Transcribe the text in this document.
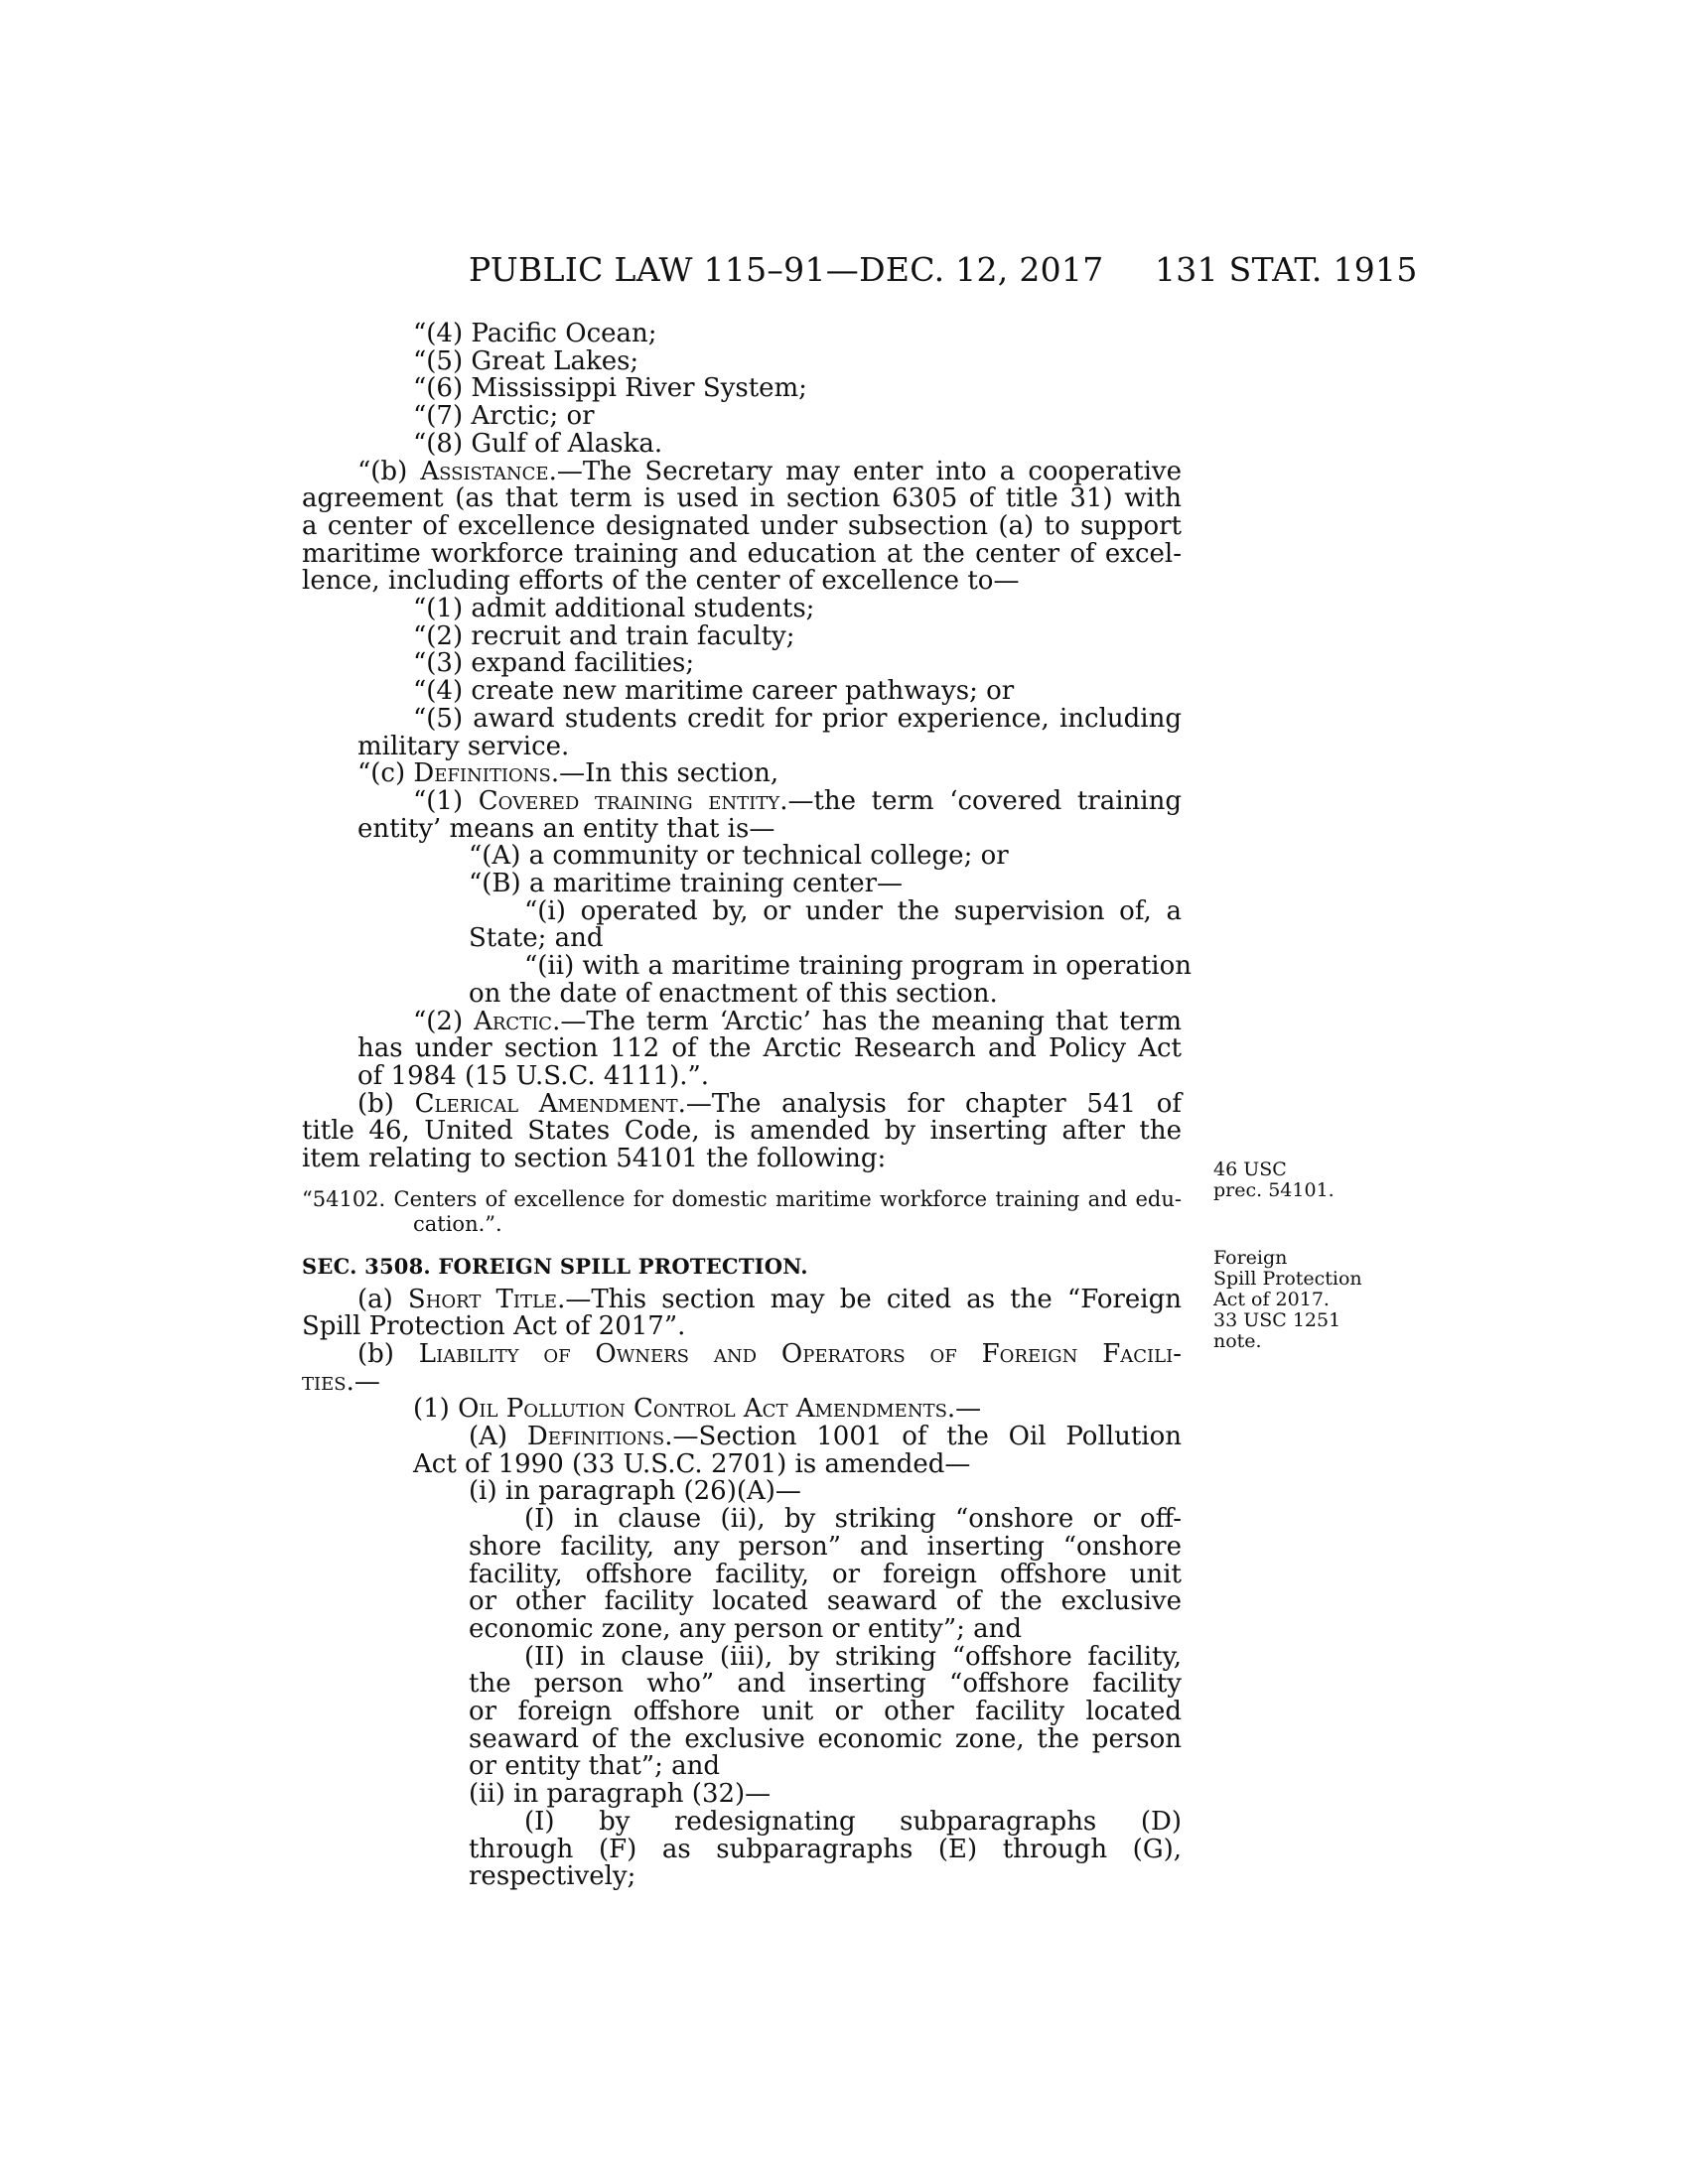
PUBLIC LAW 115–91—DEC. 12, 2017 131 STAT. 1915
“(4) Pacific Ocean;
“(5) Great Lakes;
“(6) Mississippi River System;
“(7) Arctic; or
“(8) Gulf of Alaska.
“(b) Assistance.—The Secretary may enter into a cooperative
agreement (as that term is used in section 6305 of title 31) with
a center of excellence designated under subsection (a) to support
maritime workforce training and education at the center of excel-
lence, including efforts of the center of excellence to—
“(1) admit additional students;
“(2) recruit and train faculty;
“(3) expand facilities;
“(4) create new maritime career pathways; or
“(5) award students credit for prior experience, including
military service.
“(c) Definitions.—In this section,
“(1) Covered training entity.—the term ‘covered training
entity’ means an entity that is—
“(A) a community or technical college; or
“(B) a maritime training center—
“(i) operated by, or under the supervision of, a
State; and
“(ii) with a maritime training program in operation
on the date of enactment of this section.
“(2) Arctic.—The term ‘Arctic’ has the meaning that term
has under section 112 of the Arctic Research and Policy Act
of 1984 (15 U.S.C. 4111).”.
(b) Clerical Amendment.—The analysis for chapter 541 of
title 46, United States Code, is amended by inserting after the
item relating to section 54101 the following:
“54102. Centers of excellence for domestic maritime workforce training and edu-
cation.”.
SEC. 3508. FOREIGN SPILL PROTECTION.
(a) Short Title.—This section may be cited as the “Foreign
Spill Protection Act of 2017”.
(b) Liability of Owners and Operators of Foreign Facili-
ties.—
(1) Oil Pollution Control Act Amendments.—
(A) Definitions.—Section 1001 of the Oil Pollution
Act of 1990 (33 U.S.C. 2701) is amended—
(i) in paragraph (26)(A)—
(I) in clause (ii), by striking “onshore or off-
shore facility, any person” and inserting “onshore
facility, offshore facility, or foreign offshore unit
or other facility located seaward of the exclusive
economic zone, any person or entity”; and
(II) in clause (iii), by striking “offshore facility,
the person who” and inserting “offshore facility
or foreign offshore unit or other facility located
seaward of the exclusive economic zone, the person
or entity that”; and
(ii) in paragraph (32)—
(I) by redesignating subparagraphs (D)
through (F) as subparagraphs (E) through (G),
respectively;
46 USC
prec. 54101.
Foreign
Spill Protection
Act of 2017.
33 USC 1251
note.
